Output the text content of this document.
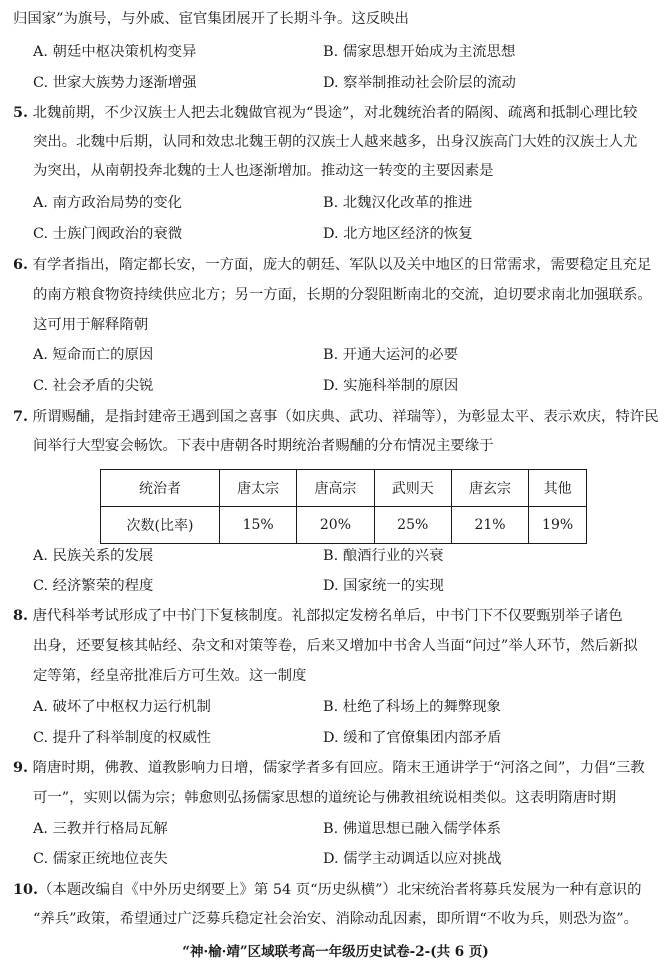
归国家”为旗号，与外戚、宦官集团展开了长期斗争。这反映出
A. 朝廷中枢决策机构变异	B. 儒家思想开始成为主流思想
C. 世家大族势力逐渐增强	D. 察举制推动社会阶层的流动
5. 北魏前期，不少汉族士人把去北魏做官视为“畏途”，对北魏统治者的隔阂、疏离和抵制心理比较
突出。北魏中后期，认同和效忠北魏王朝的汉族士人越来越多，出身汉族高门大姓的汉族士人尤
为突出，从南朝投奔北魏的士人也逐渐增加。推动这一转变的主要因素是
A. 南方政治局势的变化	B. 北魏汉化改革的推进
C. 士族门阀政治的衰微	D. 北方地区经济的恢复
6. 有学者指出，隋定都长安，一方面，庞大的朝廷、军队以及关中地区的日常需求，需要稳定且充足
的南方粮食物资持续供应北方；另一方面，长期的分裂阻断南北的交流，迫切要求南北加强联系。
这可用于解释隋朝
A. 短命而亡的原因	B. 开通大运河的必要
C. 社会矛盾的尖锐	D. 实施科举制的原因
7. 所谓赐酺，是指封建帝王遇到国之喜事（如庆典、武功、祥瑞等），为彰显太平、表示欢庆，特许民
间举行大型宴会畅饮。下表中唐朝各时期统治者赐酺的分布情况主要缘于
统治者	唐太宗	唐高宗	武则天	唐玄宗	其他
次数(比率)	15%	20%	25%	21%	19%
A. 民族关系的发展	B. 酿酒行业的兴衰
C. 经济繁荣的程度	D. 国家统一的实现
8. 唐代科举考试形成了中书门下复核制度。礼部拟定发榜名单后，中书门下不仅要甄别举子诸色
出身，还要复核其帖经、杂文和对策等卷，后来又增加中书舍人当面“问过”举人环节，然后新拟
定等第，经皇帝批准后方可生效。这一制度
A. 破坏了中枢权力运行机制	B. 杜绝了科场上的舞弊现象
C. 提升了科举制度的权威性	D. 缓和了官僚集团内部矛盾
9. 隋唐时期，佛教、道教影响力日增，儒家学者多有回应。隋末王通讲学于“河洛之间”，力倡“三教
可一”，实则以儒为宗；韩愈则弘扬儒家思想的道统论与佛教祖统说相类似。这表明隋唐时期
A. 三教并行格局瓦解	B. 佛道思想已融入儒学体系
C. 儒家正统地位丧失	D. 儒学主动调适以应对挑战
10.（本题改编自《中外历史纲要上》第 54 页“历史纵横”）北宋统治者将募兵发展为一种有意识的
“养兵”政策，希望通过广泛募兵稳定社会治安、消除动乱因素，即所谓“不收为兵，则恐为盗”。
“神·榆·靖”区域联考高一年级历史试卷-2-(共 6 页)
